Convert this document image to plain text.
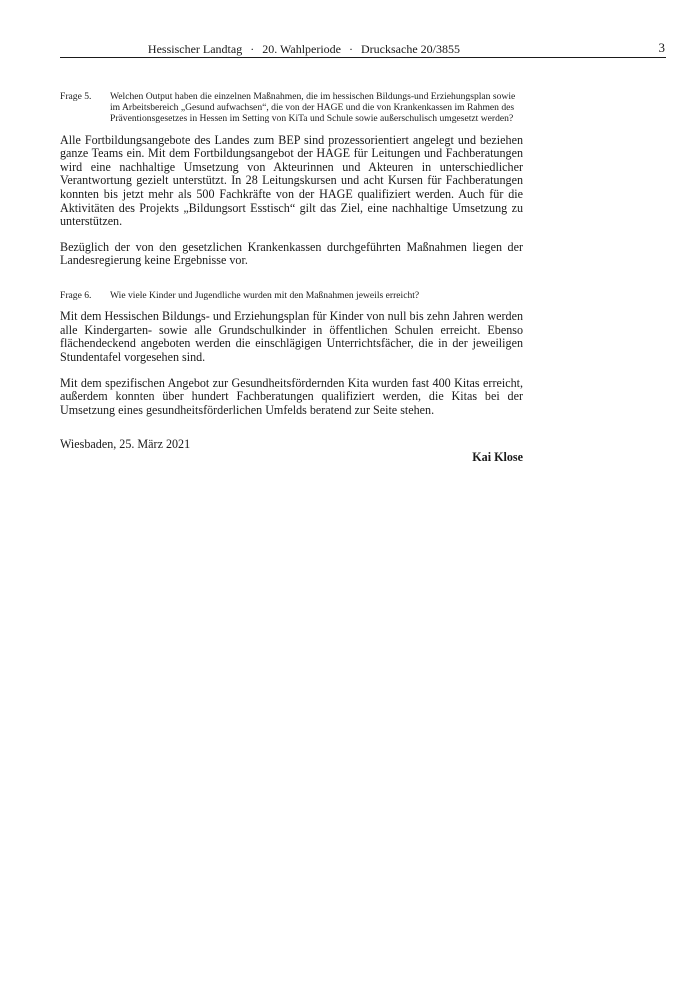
Hessischer Landtag · 20. Wahlperiode · Drucksache 20/3855	3
Frage 5.	Welchen Output haben die einzelnen Maßnahmen, die im hessischen Bildungs-und Erziehungsplan sowie im Arbeitsbereich „Gesund aufwachsen“, die von der HAGE und die von Krankenkassen im Rahmen des Präventionsgesetzes in Hessen im Setting von KiTa und Schule sowie außerschulisch umgesetzt werden?

Alle Fortbildungsangebote des Landes zum BEP sind prozessorientiert angelegt und beziehen ganze Teams ein. Mit dem Fortbildungsangebot der HAGE für Leitungen und Fachberatungen wird eine nachhaltige Umsetzung von Akteurinnen und Akteuren in unterschiedlicher Verantwortung gezielt unterstützt. In 28 Leitungskursen und acht Kursen für Fachberatungen konnten bis jetzt mehr als 500 Fachkräfte von der HAGE qualifiziert werden. Auch für die Aktivitäten des Projekts „Bildungsort Esstisch“ gilt das Ziel, eine nachhaltige Umsetzung zu unterstützen.

Bezüglich der von den gesetzlichen Krankenkassen durchgeführten Maßnahmen liegen der Landesregierung keine Ergebnisse vor.

Frage 6.	Wie viele Kinder und Jugendliche wurden mit den Maßnahmen jeweils erreicht?

Mit dem Hessischen Bildungs- und Erziehungsplan für Kinder von null bis zehn Jahren werden alle Kindergarten- sowie alle Grundschulkinder in öffentlichen Schulen erreicht. Ebenso flächendeckend angeboten werden die einschlägigen Unterrichtsfächer, die in der jeweiligen Stundentafel vorgesehen sind.

Mit dem spezifischen Angebot zur Gesundheitsfördernden Kita wurden fast 400 Kitas erreicht, außerdem konnten über hundert Fachberatungen qualifiziert werden, die Kitas bei der Umsetzung eines gesundheitsförderlichen Umfelds beratend zur Seite stehen.

Wiesbaden, 25. März 2021
Kai Klose
